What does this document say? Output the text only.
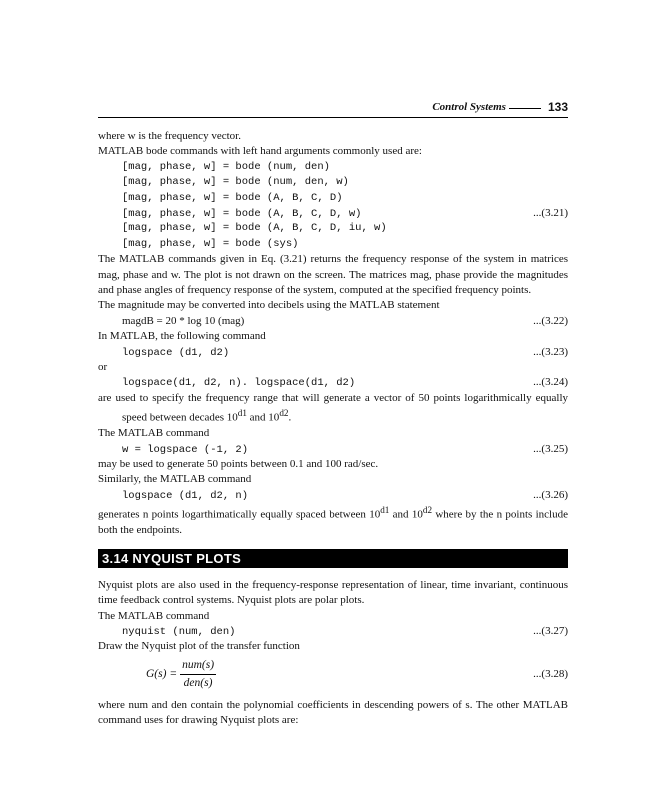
Control Systems	133

where w is the frequency vector.

MATLAB bode commands with left hand arguments commonly used are:

[mag, phase, w] = bode (num, den)
[mag, phase, w] = bode (num, den, w)
[mag, phase, w] = bode (A, B, C, D)
[mag, phase, w] = bode (A, B, C, D, w)	...(3.21)
[mag, phase, w] = bode (A, B, C, D, iu, w)
[mag, phase, w] = bode (sys)

The MATLAB commands given in Eq. (3.21) returns the frequency response of the system in matrices mag, phase and w. The plot is not drawn on the screen. The matrices mag, phase provide the magnitudes and phase angles of frequency response of the system, computed at the specified frequency points.

The magnitude may be converted into decibels using the MATLAB statement

magdB = 20 * log 10 (mag)	...(3.22)

In MATLAB, the following command

logspace (d1, d2)	...(3.23)

or

logspace(d1, d2, n). logspace(d1, d2)	...(3.24)

are used to specify the frequency range that will generate a vector of 50 points logarithmically equally speed between decades $10^{d1}$ and $10^{d2}$.

The MATLAB command

w = logspace (-1, 2)	...(3.25)

may be used to generate 50 points between 0.1 and 100 rad/sec.

Similarly, the MATLAB command

logspace (d1, d2, n)	...(3.26)

generates n points logarthimatically equally spaced between $10^{d1}$ and $10^{d2}$ where by the n points include both the endpoints.

3.14 NYQUIST PLOTS

Nyquist plots are also used in the frequency-response representation of linear, time invariant, continuous time feedback control systems. Nyquist plots are polar plots.

The MATLAB command

nyquist (num, den)	...(3.27)

Draw the Nyquist plot of the transfer function

$G(s) = \frac{\text{num(s)}}{\text{den(s)}}$	...(3.28)

where num and den contain the polynomial coefficients in descending powers of s. The other MATLAB command uses for drawing Nyquist plots are:
